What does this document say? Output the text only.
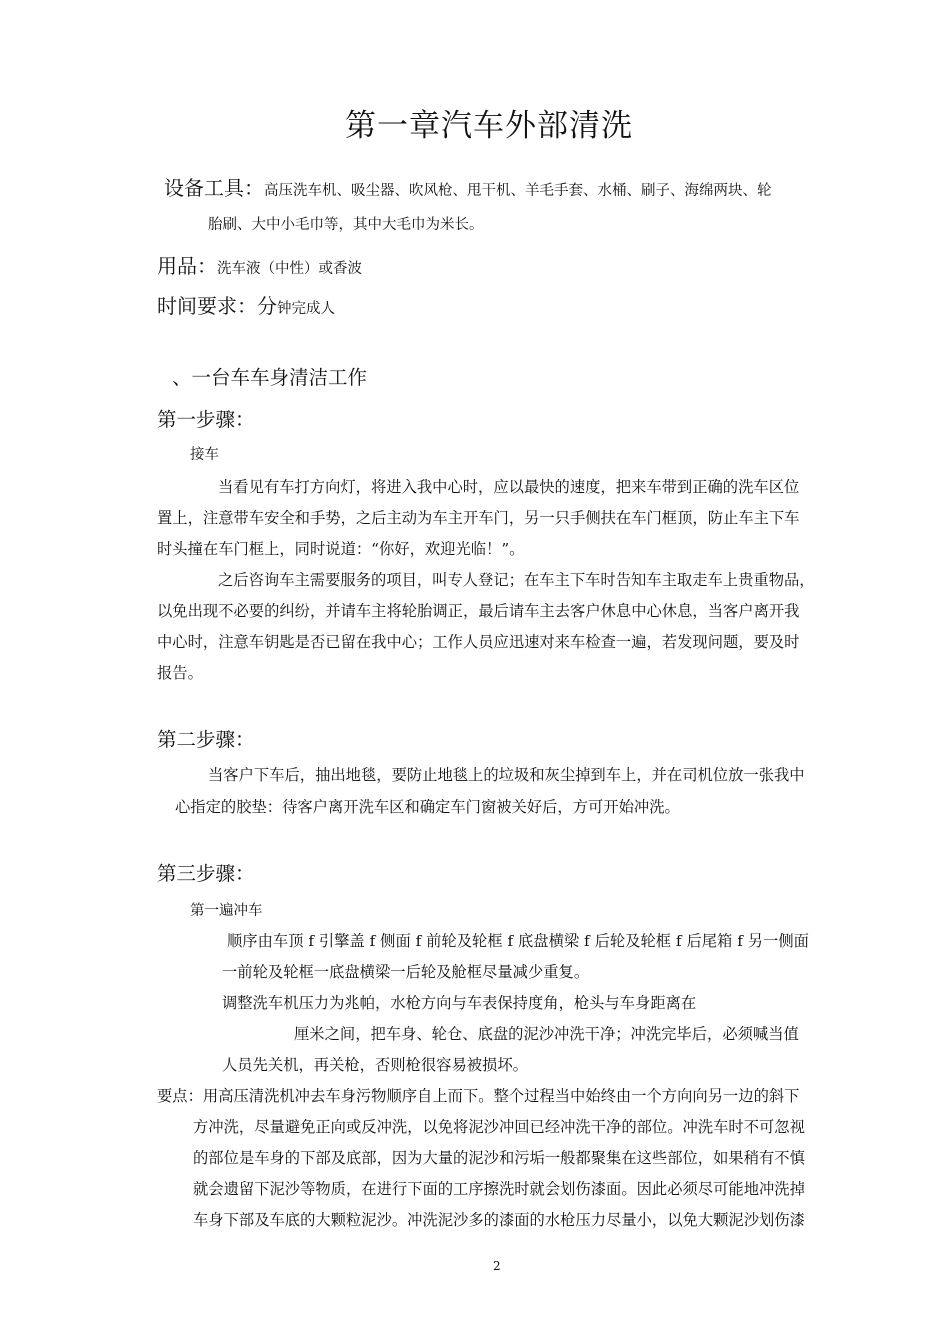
第一章汽车外部清洗
设备工具：高压洗车机、吸尘器、吹风枪、甩干机、羊毛手套、水桶、刷子、海绵两块、轮
胎刷、大中小毛巾等，其中大毛巾为米长。
用品：洗车液（中性）或香波
时间要求：分钟完成人
、一台车车身清洁工作
第一步骤：
接车
当看见有车打方向灯，将进入我中心时，应以最快的速度，把来车带到正确的洗车区位
置上，注意带车安全和手势，之后主动为车主开车门，另一只手侧扶在车门框顶，防止车主下车
时头撞在车门框上，同时说道：“你好，欢迎光临！”。
之后咨询车主需要服务的项目，叫专人登记；在车主下车时告知车主取走车上贵重物品，
以免出现不必要的纠纷，并请车主将轮胎调正，最后请车主去客户休息中心休息，当客户离开我
中心时，注意车钥匙是否已留在我中心；工作人员应迅速对来车检查一遍，若发现问题，要及时
报告。
第二步骤：
当客户下车后，抽出地毯，要防止地毯上的垃圾和灰尘掉到车上，并在司机位放一张我中
心指定的胶垫：待客户离开洗车区和确定车门窗被关好后，方可开始冲洗。
第三步骤：
第一遍冲车
顺序由车顶 f 引擎盖 f 侧面 f 前轮及轮框 f 底盘横梁 f 后轮及轮框 f 后尾箱 f 另一侧面
一前轮及轮框一底盘横梁一后轮及舱框尽量减少重复。
调整洗车机压力为兆帕，水枪方向与车表保持度角，枪头与车身距离在
厘米之间，把车身、轮仓、底盘的泥沙冲洗干净；冲洗完毕后，必须喊当值
人员先关机，再关枪，否则枪很容易被损坏。
要点：用高压清洗机冲去车身污物顺序自上而下。整个过程当中始终由一个方向向另一边的斜下
方冲洗，尽量避免正向或反冲洗，以免将泥沙冲回已经冲洗干净的部位。冲洗车时不可忽视
的部位是车身的下部及底部，因为大量的泥沙和污垢一般都聚集在这些部位，如果稍有不慎
就会遗留下泥沙等物质，在进行下面的工序擦洗时就会划伤漆面。因此必须尽可能地冲洗掉
车身下部及车底的大颗粒泥沙。冲洗泥沙多的漆面的水枪压力尽量小，以免大颗泥沙划伤漆
2
